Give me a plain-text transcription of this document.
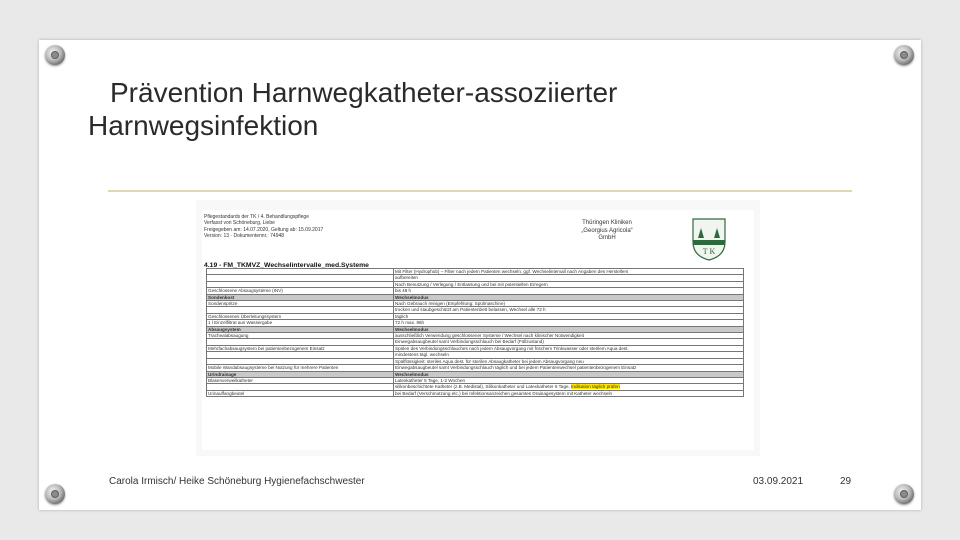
Prävention Harnwegkatheter-assoziierter
Harnwegsinfektion
Pflegestandards der TK / 4. Behandlungspflege
Verfasst von Schöneburg, Liebe
Freigegeben am: 14.07.2020, Geltung ab: 15.09.2017
Version: 13 · Dokumentennr.: 74948
Thüringen Kliniken
„Georgius Agricola“
GmbH
T K
4.19 - FM_TKMVZ_Wechselintervalle_med.Systeme
	Mit Filter (Hydrophob) – Filter nach jedem Patienten wechseln, ggf. Wechselintervall nach Angaben des Herstellers
	aufbereiten
	Nach Benutzung / Verlegung / Entlassung und bei mit potentiellen Erregern
Geschlossene Absaugsysteme (INV)	bis 48 h
Sondenkost	Wechselmodus
Sondenspritze	Nach Gebrauch reinigen (Empfehlung: Spülmaschine)
	trocken und staubgeschützt am Patientenbett belassen, Wechsel alle 72 h
Geschlossenes Überleitungssystem	täglich
1 l Einzelfiltrat aus Wassergabe	72 h max. 96h
Absaugsystem	Wechselmodus
Trachealabsaugung	ausschließlich Verwendung geschlossener Systeme / Wechsel nach klinischer Notwendigkeit
	Einwegabsaugbeutel samt Verbindungsschlauch bei Bedarf (Füllzustand)
Mehrfachabsaugsystem bei patientenbezogenem Einsatz	Spülen des Verbindungsschlauches nach jedem Absaugvorgang mit frischem Trinkwasser oder sterilem Aqua dest.
	mindestens tägl. wechseln
	Spülflüssigkeit: steriles Aqua dest. für sterilen Absaugkatheter bei jedem Absaugvorgang neu
Mobile Wandabsaugsysteme bei Nutzung für mehrere Patienten	Einwegabsaugbeutel samt Verbindungsschlauch täglich und bei jedem Patientenwechsel patientenbezogenem Einsatz
Urindrainage	Wechselmodus
Blasenverweilkatheter	Latexkatheter 5 Tage, 1-2 Wochen
	silikonbeschichtete Katheter (z.B. Medistal), Silikonkatheter und Latexkatheter 6 Tage, Indikation täglich prüfen
Urinauffangbeutel	bei Bedarf (Verschmutzung etc.) bei Infektionsanzeichen gesamtes Drainagesystem mit Katheter wechseln
Carola Irmisch/ Heike Schöneburg Hygienefachschwester	03.09.2021	29
